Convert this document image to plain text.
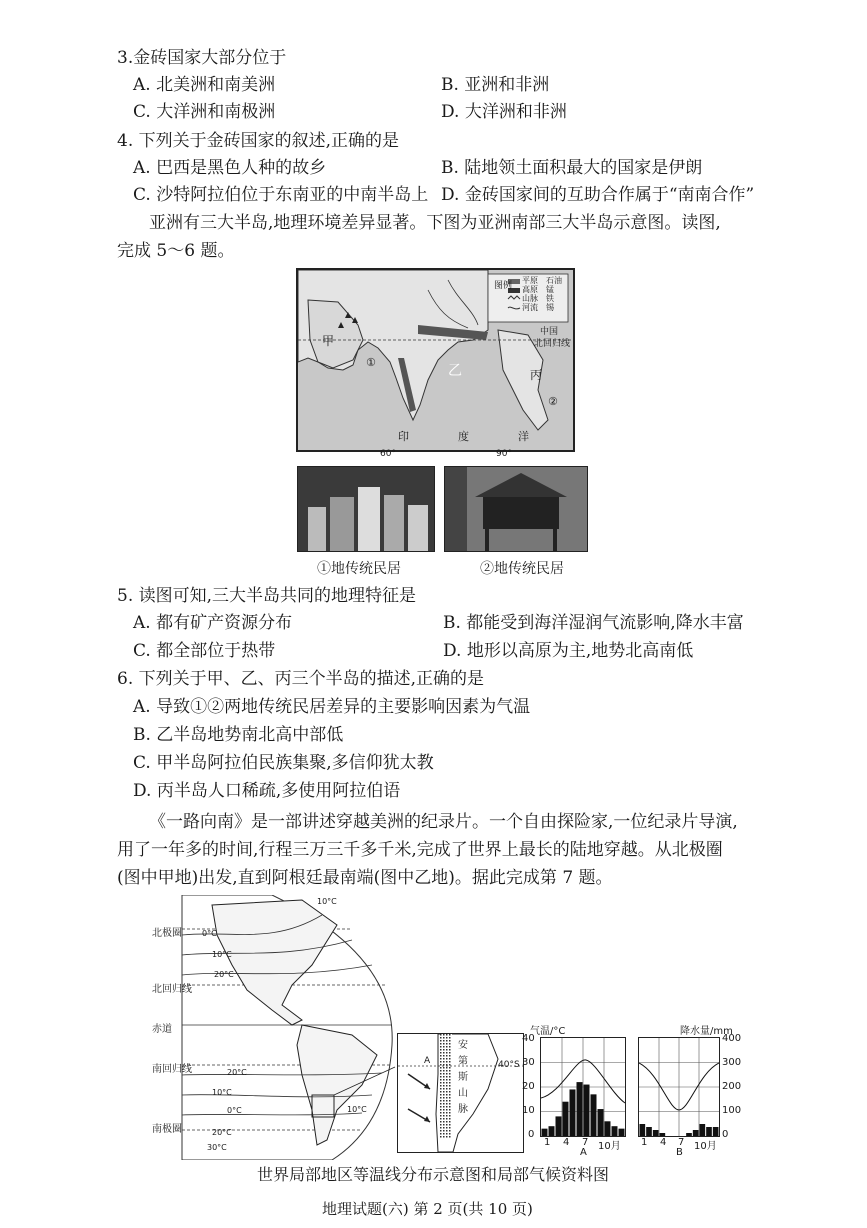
3.金砖国家大部分位于
A. 北美洲和南美洲	B. 亚洲和非洲
C. 大洋洲和南极洲	D. 大洋洲和非洲
4. 下列关于金砖国家的叙述,正确的是
A. 巴西是黑色人种的故乡	B. 陆地领土面积最大的国家是伊朗
C. 沙特阿拉伯位于东南亚的中南半岛上 D. 金砖国家间的互助合作属于“南南合作”
亚洲有三大半岛,地理环境差异显著。下图为亚洲南部三大半岛示意图。读图,
完成 5～6 题。
图例
平原 石油
高原 锰
山脉 铁
河流 锡
中国
北回归线
甲
乙	丙
①
②
印	度	洋
60°	90°
①地传统民居	②地传统民居
5. 读图可知,三大半岛共同的地理特征是
A. 都有矿产资源分布	B. 都能受到海洋湿润气流影响,降水丰富
C. 都全部位于热带	D. 地形以高原为主,地势北高南低
6. 下列关于甲、乙、丙三个半岛的描述,正确的是
A. 导致①②两地传统民居差异的主要影响因素为气温
B. 乙半岛地势南北高中部低
C. 甲半岛阿拉伯民族集聚,多信仰犹太教
D. 丙半岛人口稀疏,多使用阿拉伯语
《一路向南》是一部讲述穿越美洲的纪录片。一个自由探险家,一位纪录片导演,
用了一年多的时间,行程三万三千多千米,完成了世界上最长的陆地穿越。从北极圈
(图中甲地)出发,直到阿根廷最南端(图中乙地)。据此完成第 7 题。
北极圈
北回归线
赤道
南回归线
南极圈
10°C
0°C
10°C
20°C
20°C
10°C
0°C	10°C
20°C
30°C
安
第
斯
山
脉
40°S
A
气温/°C
40
30
20
10
0
1 4 7 10月
A
降水量/mm
400
300
200
100
0
1 4 7 10月
B
世界局部地区等温线分布示意图和局部气候资料图
地理试题(六) 第 2 页(共 10 页)
